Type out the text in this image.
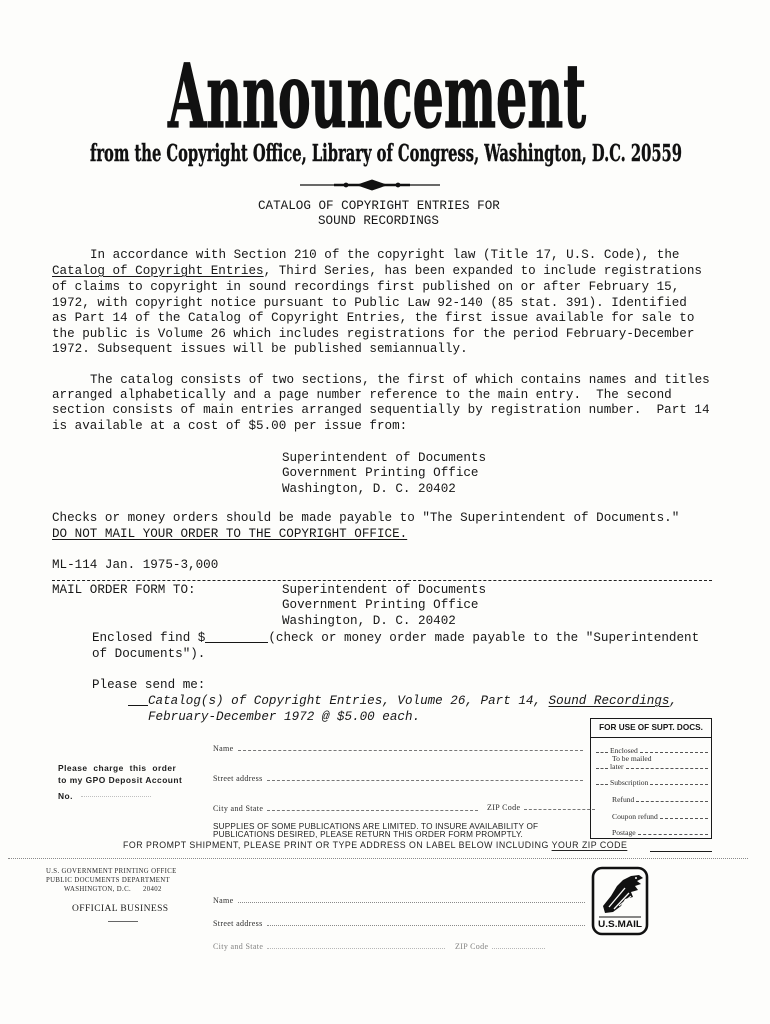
Announcement
from the Copyright Office, Library of Congress, Washington, D.C. 20559
CATALOG OF COPYRIGHT ENTRIES FOR
SOUND RECORDINGS
In accordance with Section 210 of the copyright law (Title 17, U.S. Code), the
Catalog of Copyright Entries, Third Series, has been expanded to include registrations
of claims to copyright in sound recordings first published on or after February 15,
1972, with copyright notice pursuant to Public Law 92-140 (85 stat. 391). Identified
as Part 14 of the Catalog of Copyright Entries, the first issue available for sale to
the public is Volume 26 which includes registrations for the period February-December
1972. Subsequent issues will be published semiannually.
The catalog consists of two sections, the first of which contains names and titles
arranged alphabetically and a page number reference to the main entry.  The second
section consists of main entries arranged sequentially by registration number.  Part 14
is available at a cost of $5.00 per issue from:
Superintendent of Documents
Government Printing Office
Washington, D. C. 20402
Checks or money orders should be made payable to "The Superintendent of Documents."
DO NOT MAIL YOUR ORDER TO THE COPYRIGHT OFFICE.
ML-114 Jan. 1975-3,000
MAIL ORDER FORM TO:	Superintendent of Documents
Government Printing Office
Washington, D. C. 20402
Enclosed find $	(check or money order made payable to the "Superintendent
of Documents").
Please send me:
Catalog(s) of Copyright Entries, Volume 26, Part 14, Sound Recordings,
February-December 1972 @ $5.00 each.
FOR USE OF SUPT. DOCS.
Enclosed
To be mailed
later
Subscription
Refund
Coupon refund
Postage
Please charge this order
to my GPO Deposit Account
No.
Name
Street address
City and State	ZIP Code
SUPPLIES OF SOME PUBLICATIONS ARE LIMITED. TO INSURE AVAILABILITY OF
PUBLICATIONS DESIRED, PLEASE RETURN THIS ORDER FORM PROMPTLY.
FOR PROMPT SHIPMENT, PLEASE PRINT OR TYPE ADDRESS ON LABEL BELOW INCLUDING YOUR ZIP CODE
U.S. GOVERNMENT PRINTING OFFICE
PUBLIC DOCUMENTS DEPARTMENT
WASHINGTON, D.C. 20402
OFFICIAL BUSINESS
Name
Street address
City and State	ZIP Code
U.S.MAIL
